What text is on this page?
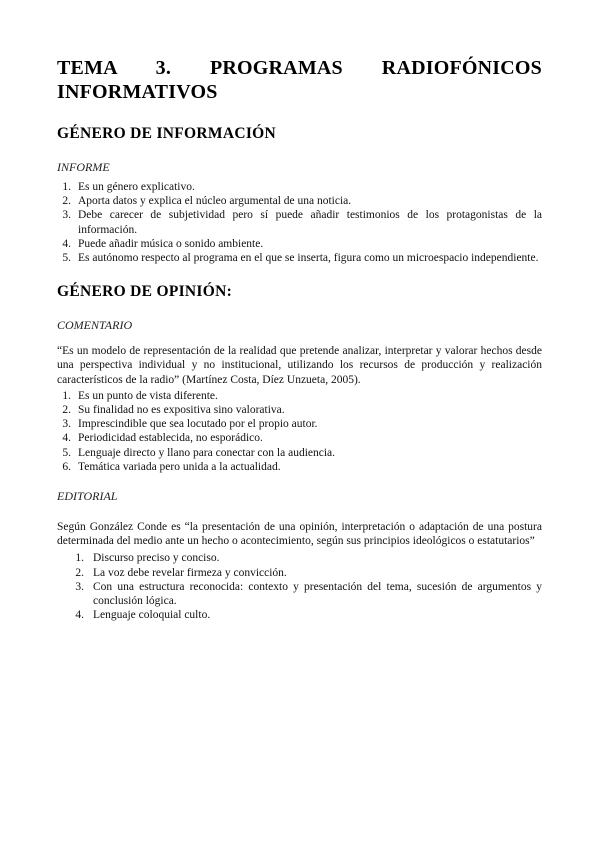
TEMA 3. PROGRAMAS RADIOFÓNICOS
INFORMATIVOS
GÉNERO DE INFORMACIÓN

INFORME

1. Es un género explicativo.
2. Aporta datos y explica el núcleo argumental de una noticia.
3. Debe carecer de subjetividad pero sí puede añadir testimonios de los protagonistas de la información.
4. Puede añadir música o sonido ambiente.
5. Es autónomo respecto al programa en el que se inserta, figura como un microespacio independiente.
GÉNERO DE OPINIÓN:

COMENTARIO

“Es un modelo de representación de la realidad que pretende analizar, interpretar y valorar hechos desde una perspectiva individual y no institucional, utilizando los recursos de producción y realización característicos de la radio” (Martínez Costa, Díez Unzueta, 2005).

1. Es un punto de vista diferente.
2. Su finalidad no es expositiva sino valorativa.
3. Imprescindible que sea locutado por el propio autor.
4. Periodicidad establecida, no esporádico.
5. Lenguaje directo y llano para conectar con la audiencia.
6. Temática variada pero unida a la actualidad.

EDITORIAL

Según González Conde es “la presentación de una opinión, interpretación o adaptación de una postura determinada del medio ante un hecho o acontecimiento, según sus principios ideológicos o estatutarios”

1. Discurso preciso y conciso.
2. La voz debe revelar firmeza y convicción.
3. Con una estructura reconocida: contexto y presentación del tema, sucesión de argumentos y conclusión lógica.
4. Lenguaje coloquial culto.
